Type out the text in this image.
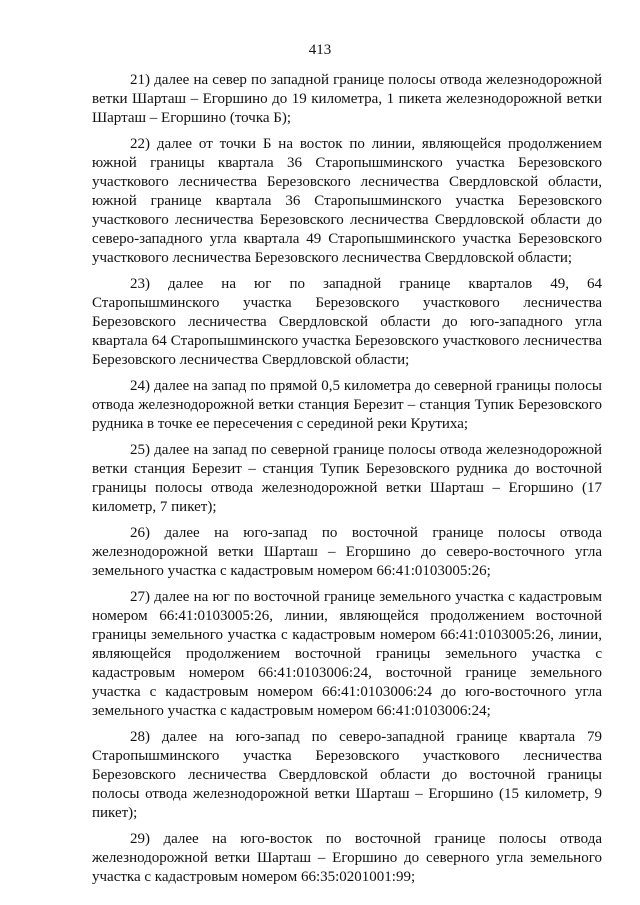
413

21) далее на север по западной границе полосы отвода железнодорожной ветки Шарташ – Егоршино до 19 километра, 1 пикета железнодорожной ветки Шарташ – Егоршино (точка Б);

22) далее от точки Б на восток по линии, являющейся продолжением южной границы квартала 36 Старопышминского участка Березовского участкового лесничества Березовского лесничества Свердловской области, южной границе квартала 36 Старопышминского участка Березовского участкового лесничества Березовского лесничества Свердловской области до северо-западного угла квартала 49 Старопышминского участка Березовского участкового лесничества Березовского лесничества Свердловской области;

23) далее на юг по западной границе кварталов 49, 64 Старопышминского участка Березовского участкового лесничества Березовского лесничества Свердловской области до юго-западного угла квартала 64 Старопышминского участка Березовского участкового лесничества Березовского лесничества Свердловской области;

24) далее на запад по прямой 0,5 километра до северной границы полосы отвода железнодорожной ветки станция Березит – станция Тупик Березовского рудника в точке ее пересечения с серединой реки Крутиха;

25) далее на запад по северной границе полосы отвода железнодорожной ветки станция Березит – станция Тупик Березовского рудника до восточной границы полосы отвода железнодорожной ветки Шарташ – Егоршино (17 километр, 7 пикет);

26) далее на юго-запад по восточной границе полосы отвода железнодорожной ветки Шарташ – Егоршино до северо-восточного угла земельного участка с кадастровым номером 66:41:0103005:26;

27) далее на юг по восточной границе земельного участка с кадастровым номером 66:41:0103005:26, линии, являющейся продолжением восточной границы земельного участка с кадастровым номером 66:41:0103005:26, линии, являющейся продолжением восточной границы земельного участка с кадастровым номером 66:41:0103006:24, восточной границе земельного участка с кадастровым номером 66:41:0103006:24 до юго-восточного угла земельного участка с кадастровым номером 66:41:0103006:24;

28) далее на юго-запад по северо-западной границе квартала 79 Старопышминского участка Березовского участкового лесничества Березовского лесничества Свердловской области до восточной границы полосы отвода железнодорожной ветки Шарташ – Егоршино (15 километр, 9 пикет);

29) далее на юго-восток по восточной границе полосы отвода железнодорожной ветки Шарташ – Егоршино до северного угла земельного участка с кадастровым номером 66:35:0201001:99;
